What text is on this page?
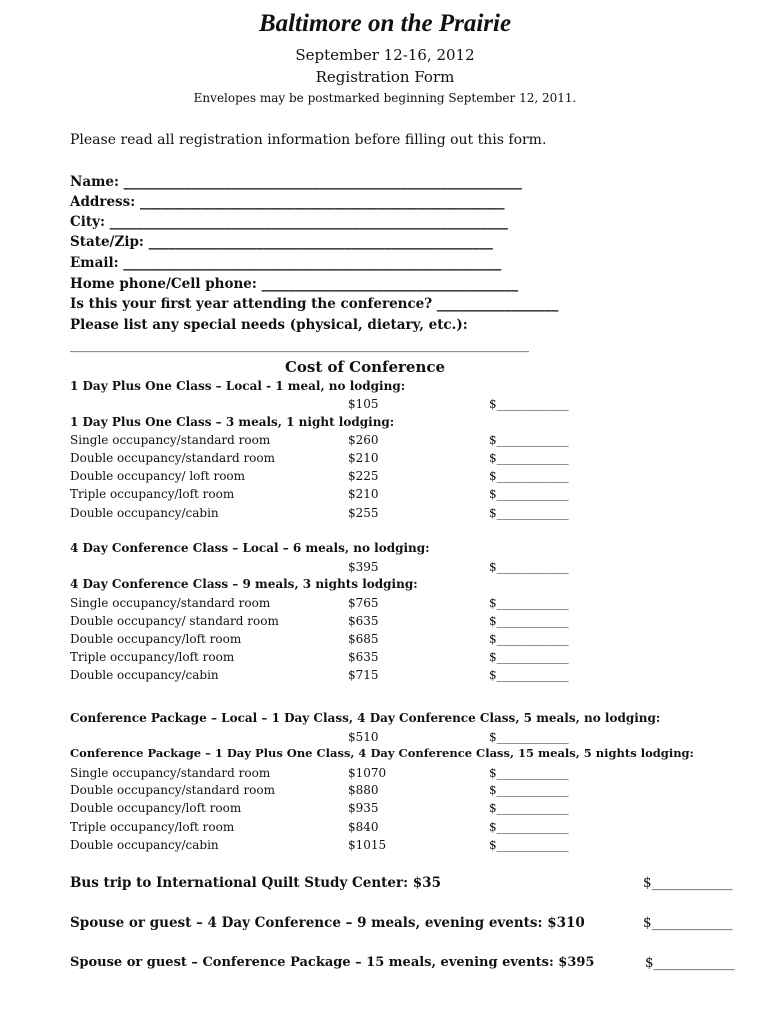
Baltimore on the Prairie
September 12-16, 2012
Registration Form
Envelopes may be postmarked beginning September 12, 2011.
Please read all registration information before filling out this form.
Name: ___________________________________________________________
Address: ______________________________________________________
City: ___________________________________________________________
State/Zip: ___________________________________________________
Email: ________________________________________________________
Home phone/Cell phone: ______________________________________
Is this your first year attending the conference? __________________
Please list any special needs (physical, dietary, etc.):
____________________________________________________________________
Cost of Conference
1 Day Plus One Class – Local - 1 meal, no lodging:
$105	$____________
1 Day Plus One Class – 3 meals, 1 night lodging:
Single occupancy/standard room	$260	$____________
Double occupancy/standard room	$210	$____________
Double occupancy/ loft room	$225	$____________
Triple occupancy/loft room	$210	$____________
Double occupancy/cabin	$255	$____________
4 Day Conference Class – Local – 6 meals, no lodging:
$395	$____________
4 Day Conference Class – 9 meals, 3 nights lodging:
Single occupancy/standard room	$765	$____________
Double occupancy/ standard room	$635	$____________
Double occupancy/loft room	$685	$____________
Triple occupancy/loft room	$635	$____________
Double occupancy/cabin	$715	$____________
Conference Package – Local – 1 Day Class, 4 Day Conference Class, 5 meals, no lodging:
$510	$____________
Conference Package – 1 Day Plus One Class, 4 Day Conference Class, 15 meals, 5 nights lodging:
Single occupancy/standard room	$1070	$____________
Double occupancy/standard room	$880	$____________
Double occupancy/loft room	$935	$____________
Triple occupancy/loft room	$840	$____________
Double occupancy/cabin	$1015	$____________
Bus trip to International Quilt Study Center: $35	$____________
Spouse or guest – 4 Day Conference – 9 meals, evening events: $310	$____________
Spouse or guest – Conference Package – 15 meals, evening events: $395	$____________
